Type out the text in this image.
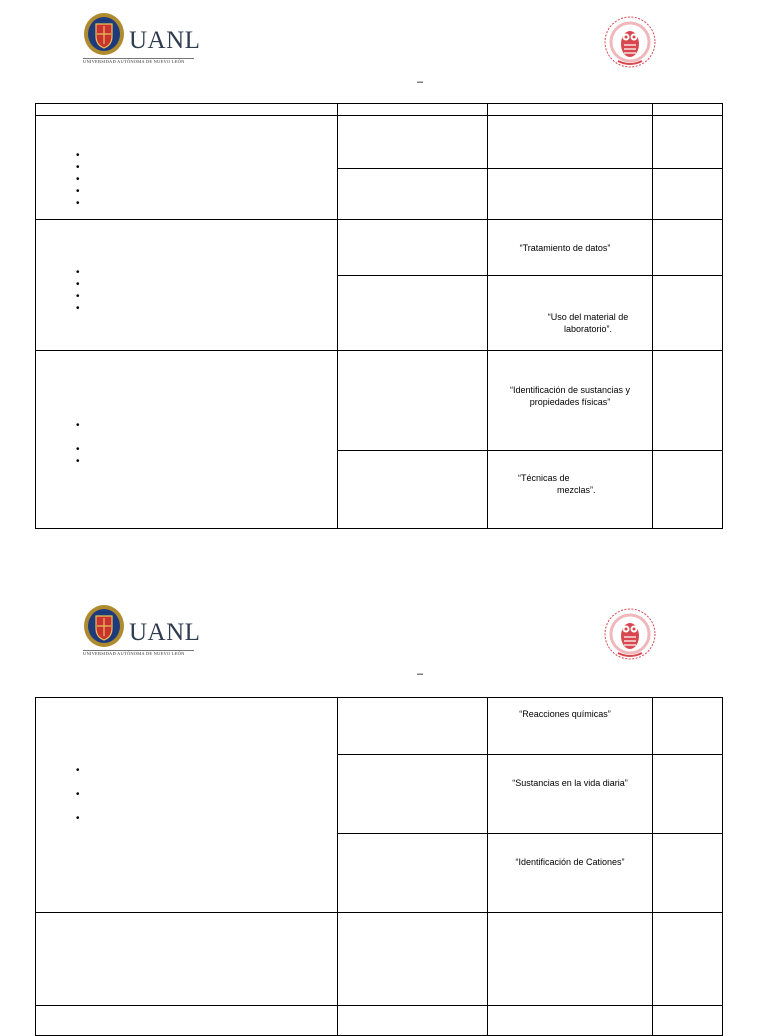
UANL
UNIVERSIDAD AUTÓNOMA DE NUEVO LEÓN
–

•
•
•
•
•			

•
•
•
•		“Tratamiento de datos”	

		“Uso del material de
laboratorio”.	

•

•
•		“Identificación de sustancias y
propiedades físicas”	

		“Técnicas de
mezclas”.	

UANL
UNIVERSIDAD AUTÓNOMA DE NUEVO LEÓN
–
•

•

•		“Reacciones químicas”	

		“Sustancias en la vida diaria”	

		“Identificación de Cationes”	
